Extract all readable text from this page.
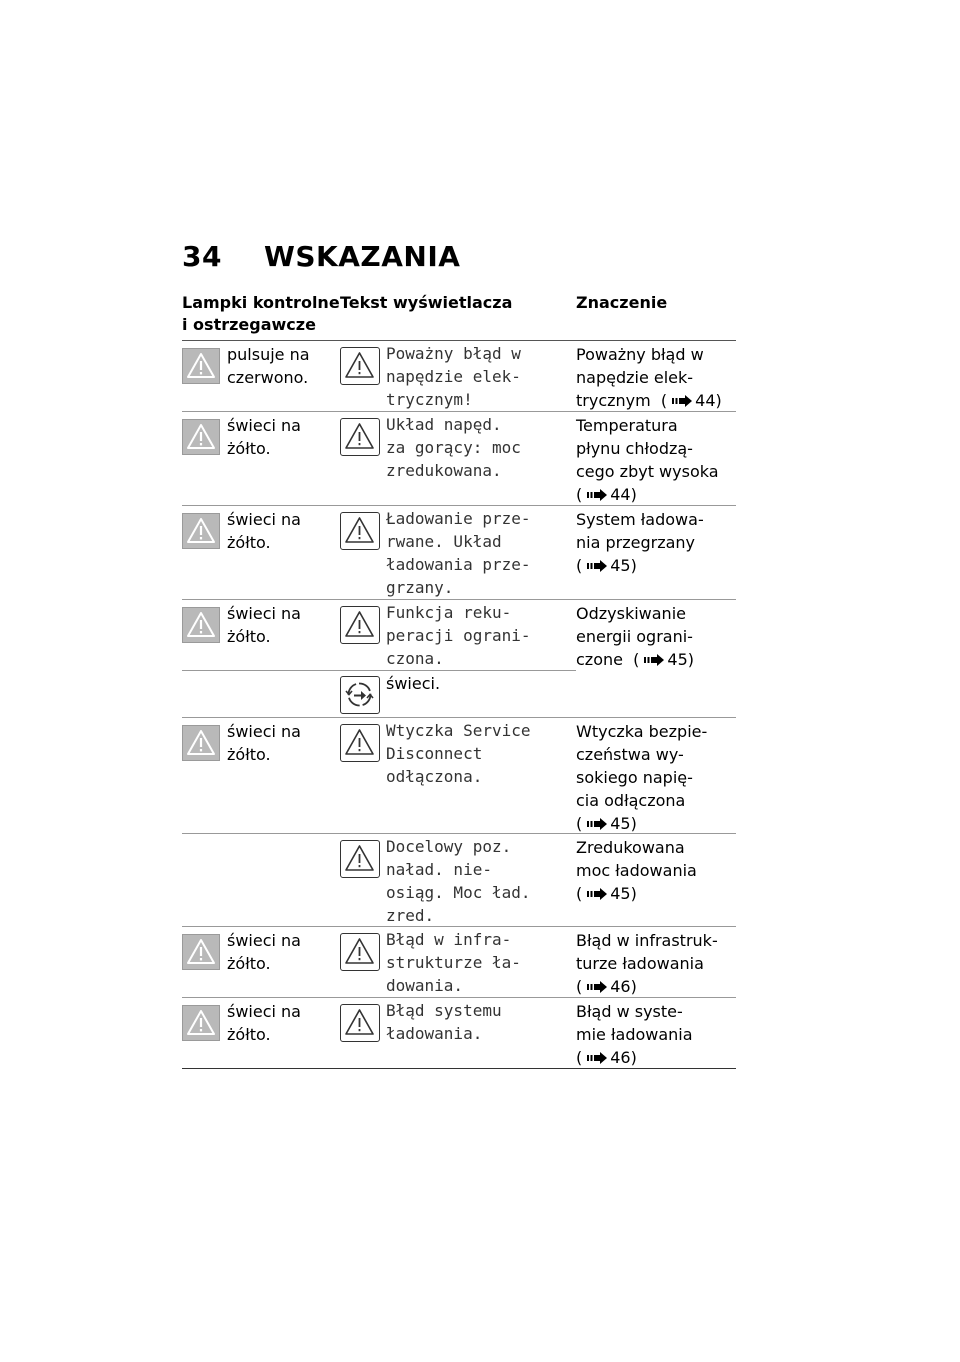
34 WSKAZANIA
Lampki kontrolne
i ostrzegawcze
Tekst wyświetlacza	Znaczenie
pulsuje na
czerwono.
Poważny błąd w
napędzie elek-
trycznym!
Poważny błąd w
napędzie elek-
trycznym  ( 44)
świeci na
żółto.
Układ napęd.
za gorący: moc
zredukowana.
Temperatura
płynu chłodzą-
cego zbyt wysoka
( 44)
świeci na
żółto.
Ładowanie prze-
rwane. Układ
ładowania prze-
grzany.
System ładowa-
nia przegrzany
( 45)
świeci na
żółto.
Funkcja reku-
peracji ograni-
czona.
świeci.
Odzyskiwanie
energii ograni-
czone  ( 45)
świeci na
żółto.
Wtyczka Service
Disconnect
odłączona.
Wtyczka bezpie-
czeństwa wy-
sokiego napię-
cia odłączona
( 45)
Docelowy poz.
naład. nie-
osiąg. Moc ład.
zred.
Zredukowana
moc ładowania
( 45)
świeci na
żółto.
Błąd w infra-
strukturze ła-
dowania.
Błąd w infrastruk-
turze ładowania
( 46)
świeci na
żółto.
Błąd systemu
ładowania.
Błąd w syste-
mie ładowania
( 46)
